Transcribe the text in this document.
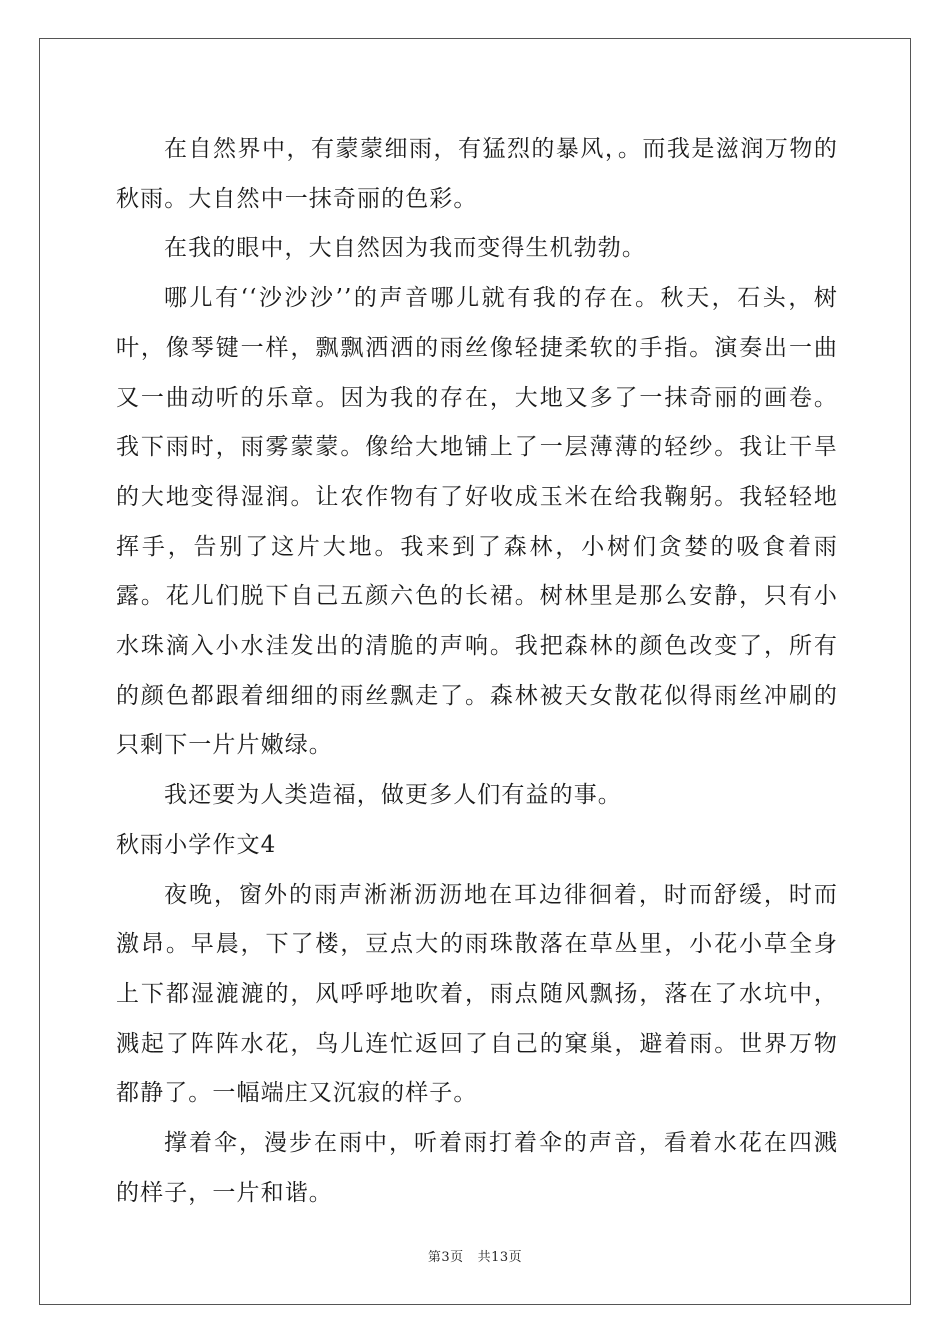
在自然界中，有蒙蒙细雨，有猛烈的暴风，。而我是滋润万物的秋雨。大自然中一抹奇丽的色彩。

在我的眼中，大自然因为我而变得生机勃勃。

哪儿有‘‘沙沙沙’’的声音哪儿就有我的存在。秋天，石头，树叶，像琴键一样，飘飘洒洒的雨丝像轻捷柔软的手指。演奏出一曲又一曲动听的乐章。因为我的存在，大地又多了一抹奇丽的画卷。我下雨时，雨雾蒙蒙。像给大地铺上了一层薄薄的轻纱。我让干旱的大地变得湿润。让农作物有了好收成玉米在给我鞠躬。我轻轻地挥手，告别了这片大地。我来到了森林，小树们贪婪的吸食着雨露。花儿们脱下自己五颜六色的长裙。树林里是那么安静，只有小水珠滴入小水洼发出的清脆的声响。我把森林的颜色改变了，所有的颜色都跟着细细的雨丝飘走了。森林被天女散花似得雨丝冲刷的只剩下一片片嫩绿。

我还要为人类造福，做更多人们有益的事。

秋雨小学作文4

夜晚，窗外的雨声淅淅沥沥地在耳边徘徊着，时而舒缓，时而激昂。早晨，下了楼，豆点大的雨珠散落在草丛里，小花小草全身上下都湿漉漉的，风呼呼地吹着，雨点随风飘扬，落在了水坑中，溅起了阵阵水花，鸟儿连忙返回了自己的窠巢，避着雨。世界万物都静了。一幅端庄又沉寂的样子。

撑着伞，漫步在雨中，听着雨打着伞的声音，看着水花在四溅的样子，一片和谐。

第3页 共13页
